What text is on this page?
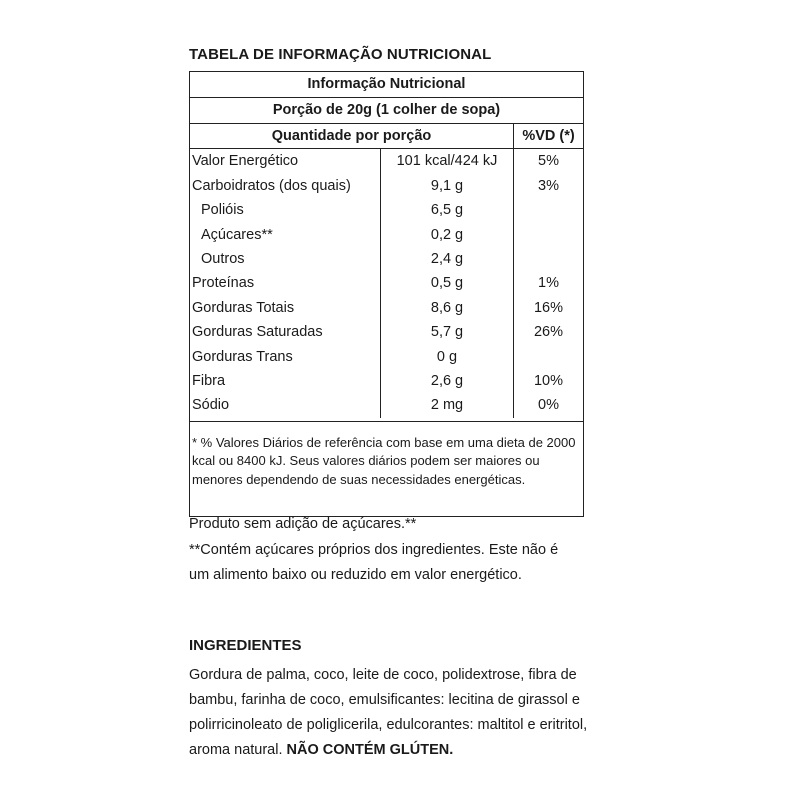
TABELA DE INFORMAÇÃO NUTRICIONAL
Informação Nutricional
Porção de 20g (1 colher de sopa)
Quantidade por porção	%VD (*)
Valor Energético	101 kcal/424 kJ	5%
Carboidratos (dos quais)	9,1 g	3%
Polióis	6,5 g
Açúcares**	0,2 g
Outros	2,4 g
Proteínas	0,5 g	1%
Gorduras Totais	8,6 g	16%
Gorduras Saturadas	5,7 g	26%
Gorduras Trans	0 g
Fibra	2,6 g	10%
Sódio	2 mg	0%
* % Valores Diários de referência com base em uma dieta de 2000 kcal ou 8400 kJ. Seus valores diários podem ser maiores ou menores dependendo de suas necessidades energéticas.
Produto sem adição de açúcares.**
**Contém açúcares próprios dos ingredientes. Este não é um alimento baixo ou reduzido em valor energético.
INGREDIENTES
Gordura de palma, coco, leite de coco, polidextrose, fibra de bambu, farinha de coco, emulsificantes: lecitina de girassol e polirricinoleato de poliglicerila, edulcorantes: maltitol e eritritol, aroma natural. NÃO CONTÉM GLÚTEN.
